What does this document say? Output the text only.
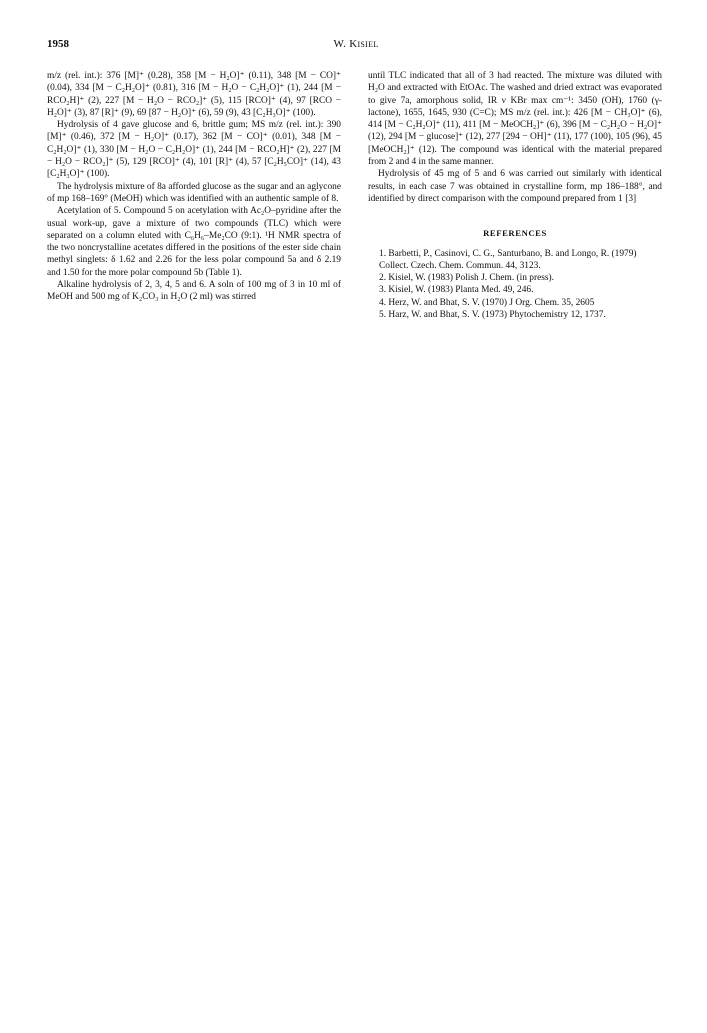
1958	W. Kisiel

m/z (rel. int.): 376 [M]⁺ (0.28), 358 [M − H₂O]⁺ (0.11), 348 [M − CO]⁺ (0.04), 334 [M − C₂H₂O]⁺ (0.81), 316 [M − H₂O − C₂H₂O]⁺ (1), 244 [M − RCO₂H]⁺ (2), 227 [M − H₂O − RCO₂]⁺ (5), 115 [RCO]⁺ (4), 97 [RCO − H₂O]⁺ (3), 87 [R]⁺ (9), 69 [87 − H₂O]⁺ (6), 59 (9), 43 [C₂H₃O]⁺ (100).

Hydrolysis of 4 gave glucose and 6, brittle gum; MS m/z (rel. int.): 390 [M]⁺ (0.46), 372 [M − H₂O]⁺ (0.17), 362 [M − CO]⁺ (0.01), 348 [M − C₂H₂O]⁺ (1), 330 [M − H₂O − C₂H₂O]⁺ (1), 244 [M − RCO₂H]⁺ (2), 227 [M − H₂O − RCO₂]⁺ (5), 129 [RCO]⁺ (4), 101 [R]⁺ (4), 57 [C₂H₅CO]⁺ (14), 43 [C₂H₃O]⁺ (100).

The hydrolysis mixture of 8a afforded glucose as the sugar and an aglycone of mp 168–169° (MeOH) which was identified with an authentic sample of 8.

Acetylation of 5. Compound 5 on acetylation with Ac₂O–pyridine after the usual work-up, gave a mixture of two compounds (TLC) which were separated on a column eluted with C₆H₆–Me₂CO (9:1). ¹H NMR spectra of the two noncrystalline acetates differed in the positions of the ester side chain methyl singlets: δ 1.62 and 2.26 for the less polar compound 5a and δ 2.19 and 1.50 for the more polar compound 5b (Table 1).

Alkaline hydrolysis of 2, 3, 4, 5 and 6. A soln of 100 mg of 3 in 10 ml of MeOH and 500 mg of K₂CO₃ in H₂O (2 ml) was stirred

until TLC indicated that all of 3 had reacted. The mixture was diluted with H₂O and extracted with EtOAc. The washed and dried extract was evaporated to give 7a, amorphous solid, IR ν KBr max cm⁻¹: 3450 (OH), 1760 (γ-lactone), 1655, 1645, 930 (C=C); MS m/z (rel. int.): 426 [M − CH₃O]⁺ (6), 414 [M − C₂H₂O]⁺ (11), 411 [M − MeOCH₂]⁺ (6), 396 [M − C₂H₂O − H₂O]⁺ (12), 294 [M − glucose]⁺ (12), 277 [294 − OH]⁺ (11), 177 (100), 105 (96), 45 [MeOCH₂]⁺ (12). The compound was identical with the material prepared from 2 and 4 in the same manner.

Hydrolysis of 45 mg of 5 and 6 was carried out similarly with identical results, in each case 7 was obtained in crystalline form, mp 186–188°, and identified by direct comparison with the compound prepared from 1 [3]

REFERENCES
1. Barbetti, P., Casinovi, C. G., Santurbano, B. and Longo, R. (1979) Collect. Czech. Chem. Commun. 44, 3123.
2. Kisiel, W. (1983) Polish J. Chem. (in press).
3. Kisiel, W. (1983) Planta Med. 49, 246.
4. Herz, W. and Bhat, S. V. (1970) J Org. Chem. 35, 2605
5. Harz, W. and Bhat, S. V. (1973) Phytochemistry 12, 1737.
